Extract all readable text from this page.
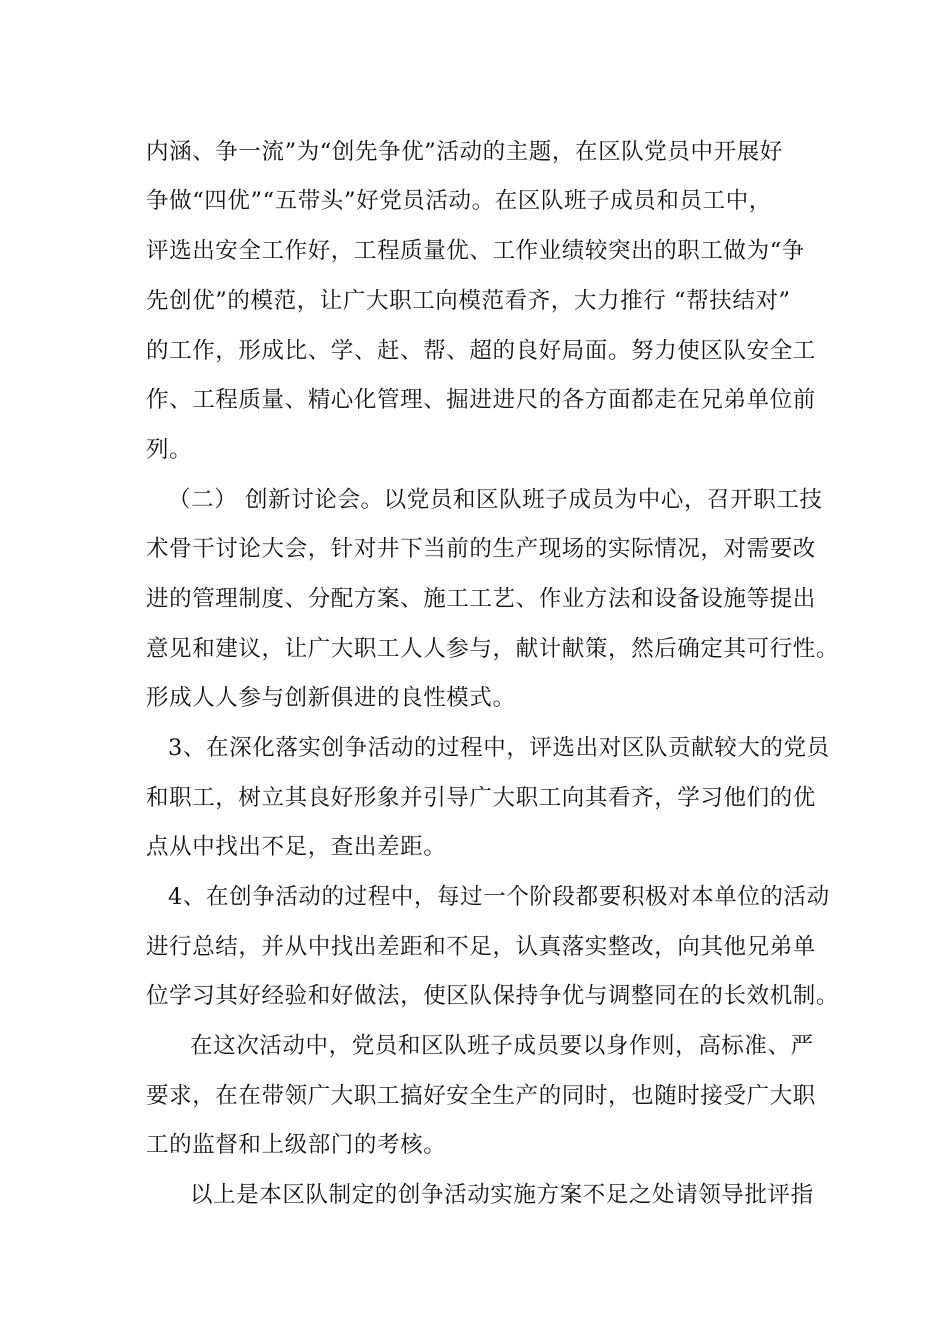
内涵、争一流”为“创先争优”活动的主题，在区队党员中开展好
争做“四优”“五带头”好党员活动。在区队班子成员和员工中，
评选出安全工作好，工程质量优、工作业绩较突出的职工做为“争
先创优”的模范，让广大职工向模范看齐，大力推行 “帮扶结对”
的工作，形成比、学、赶、帮、超的良好局面。努力使区队安全工
作、工程质量、精心化管理、掘进进尺的各方面都走在兄弟单位前
列。
（二） 创新讨论会。以党员和区队班子成员为中心，召开职工技
术骨干讨论大会，针对井下当前的生产现场的实际情况，对需要改
进的管理制度、分配方案、施工工艺、作业方法和设备设施等提出
意见和建议，让广大职工人人参与，献计献策，然后确定其可行性。
形成人人参与创新俱进的良性模式。
3、在深化落实创争活动的过程中，评选出对区队贡献较大的党员
和职工，树立其良好形象并引导广大职工向其看齐，学习他们的优
点从中找出不足，查出差距。
4、在创争活动的过程中，每过一个阶段都要积极对本单位的活动
进行总结，并从中找出差距和不足，认真落实整改，向其他兄弟单
位学习其好经验和好做法，使区队保持争优与调整同在的长效机制。
在这次活动中，党员和区队班子成员要以身作则，高标准、严
要求，在在带领广大职工搞好安全生产的同时，也随时接受广大职
工的监督和上级部门的考核。
以上是本区队制定的创争活动实施方案不足之处请领导批评指
